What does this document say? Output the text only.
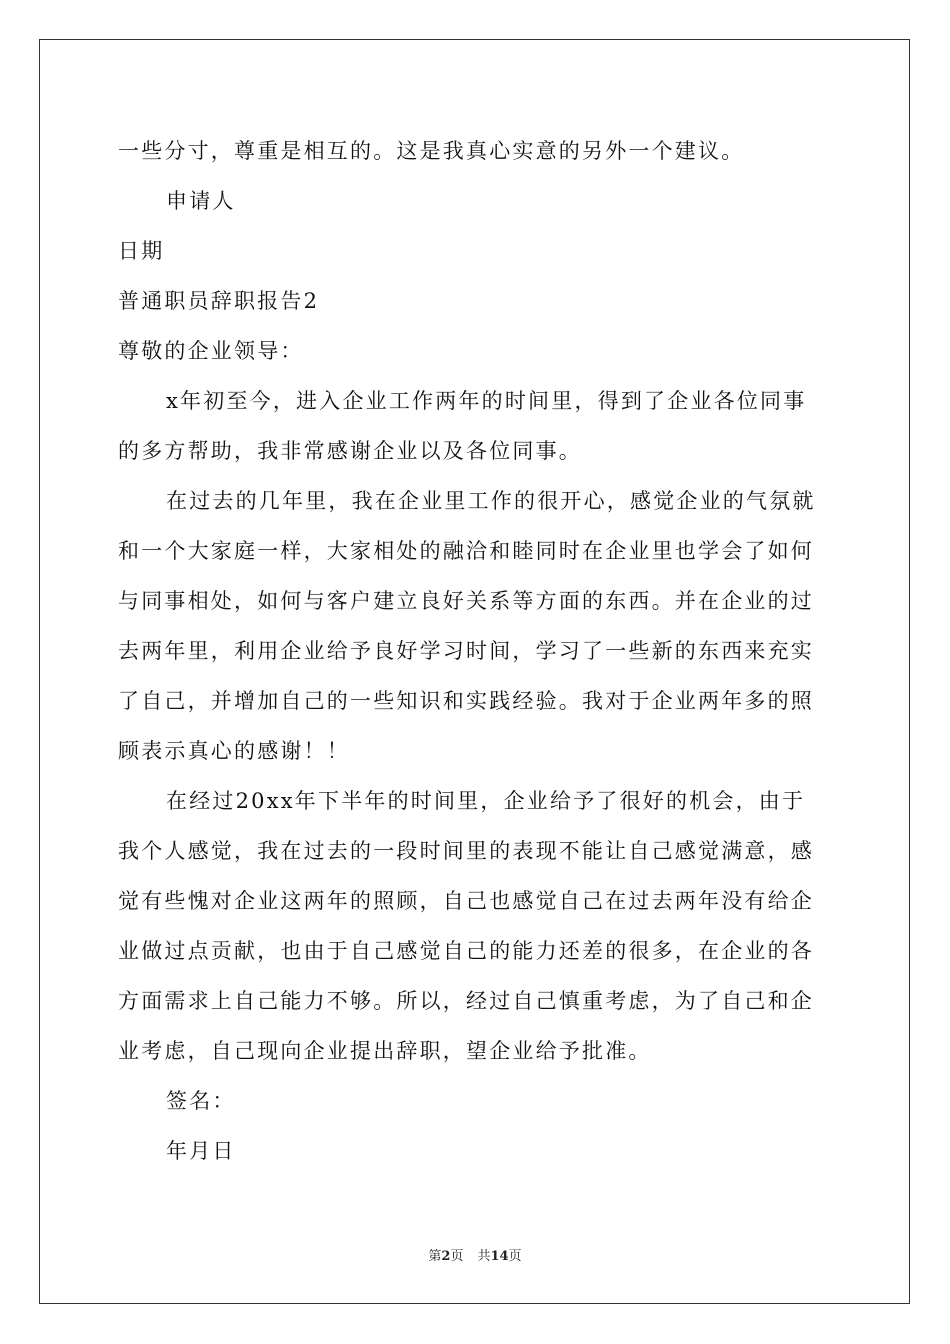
一些分寸，尊重是相互的。这是我真心实意的另外一个建议。
申请人
日期
普通职员辞职报告2
尊敬的企业领导：
x年初至今，进入企业工作两年的时间里，得到了企业各位同事
的多方帮助，我非常感谢企业以及各位同事。
在过去的几年里，我在企业里工作的很开心，感觉企业的气氛就
和一个大家庭一样，大家相处的融洽和睦同时在企业里也学会了如何
与同事相处，如何与客户建立良好关系等方面的东西。并在企业的过
去两年里，利用企业给予良好学习时间，学习了一些新的东西来充实
了自己，并增加自己的一些知识和实践经验。我对于企业两年多的照
顾表示真心的感谢！！
在经过20xx年下半年的时间里，企业给予了很好的机会，由于
我个人感觉，我在过去的一段时间里的表现不能让自己感觉满意，感
觉有些愧对企业这两年的照顾，自己也感觉自己在过去两年没有给企
业做过点贡献，也由于自己感觉自己的能力还差的很多，在企业的各
方面需求上自己能力不够。所以，经过自己慎重考虑，为了自己和企
业考虑，自己现向企业提出辞职，望企业给予批准。
签名：
年月日
第2页 共14页
